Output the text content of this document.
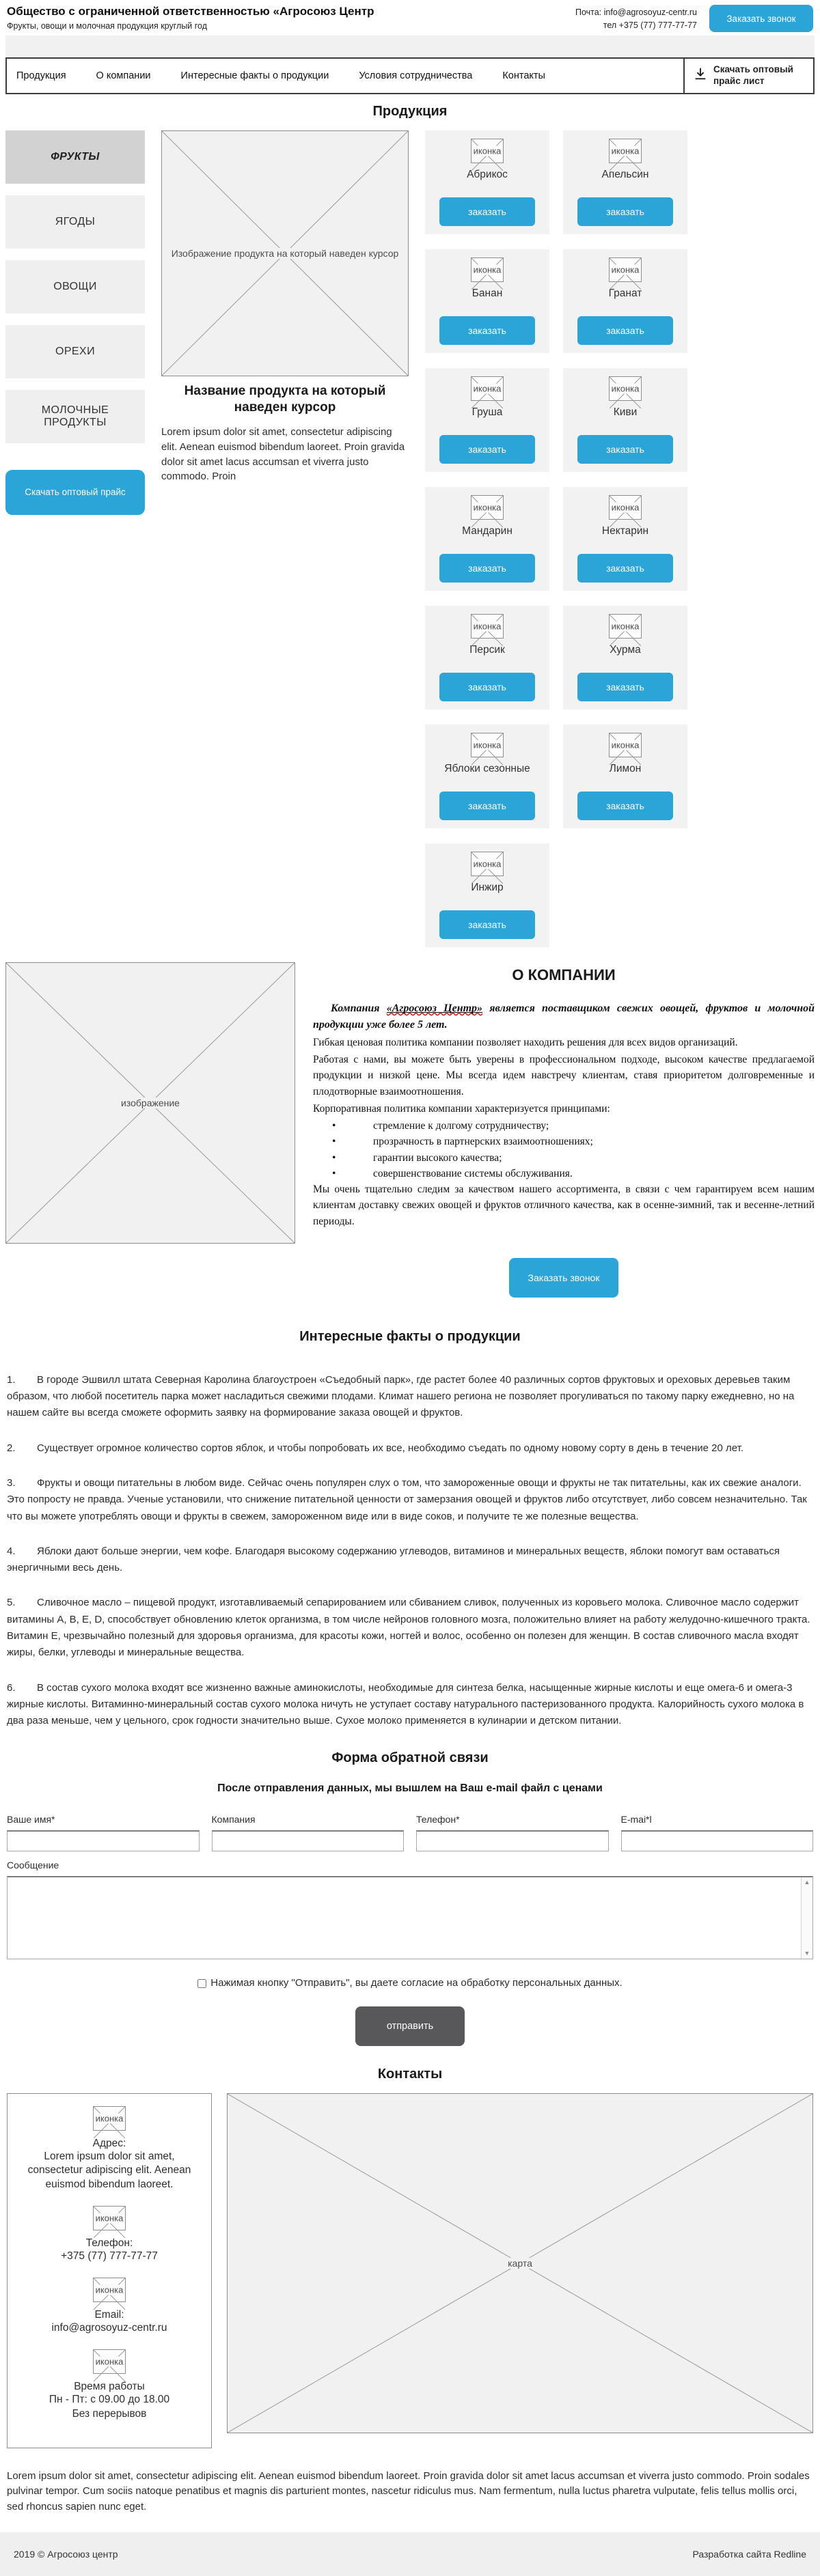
Общество с ограниченной ответственностью «Агросоюз Центр
Фрукты, овощи и молочная продукция круглый год
Почта: info@agrosoyuz-centr.ru
тел +375 (77) 777-77-77
Заказать звонок
Продукция	О компании	Интересные факты о продукции	Условия сотрудничества	Контакты
Скачать оптовый прайс лист
Продукция
ФРУКТЫ
ЯГОДЫ
ОВОЩИ
ОРЕХИ
МОЛОЧНЫЕ ПРОДУКТЫ
Скачать оптовый прайс
Изображение продукта на который наведен курсор
Название продукта на который наведен курсор
Lorem ipsum dolor sit amet, consectetur adipiscing elit. Aenean euismod bibendum laoreet. Proin gravida dolor sit amet lacus accumsan et viverra justo commodo. Proin
иконка
Абрикос
заказать
иконка
Апельсин
заказать
иконка
Банан
заказать
иконка
Гранат
заказать
иконка
Груша
заказать
иконка
Киви
заказать
иконка
Мандарин
заказать
иконка
Нектарин
заказать
иконка
Персик
заказать
иконка
Хурма
заказать
иконка
Яблоки сезонные
заказать
иконка
Лимон
заказать
иконка
Инжир
заказать
изображение
О КОМПАНИИ

Компания «Агросоюз Центр» является поставщиком свежих овощей, фруктов и молочной продукции уже более 5 лет.

Гибкая ценовая политика компании позволяет находить решения для всех видов организаций.

Работая с нами, вы можете быть уверены в профессиональном подходе, высоком качестве предлагаемой продукции и низкой цене. Мы всегда идем навстречу клиентам, ставя приоритетом долговременные и плодотворные взаимоотношения.

Корпоративная политика компании характеризуется принципами:

• стремление к долгому сотрудничеству;
• прозрачность в партнерских взаимоотношениях;
• гарантии высокого качества;
• совершенствование системы обслуживания.

Мы очень тщательно следим за качеством нашего ассортимента, в связи с чем гарантируем всем нашим клиентам доставку свежих овощей и фруктов отличного качества, как в осенне-зимний, так и весенне-летний периоды.

Заказать звонок
Интересные факты о продукции

1. В городе Эшвилл штата Северная Каролина благоустроен «Съедобный парк», где растет более 40 различных сортов фруктовых и ореховых деревьев таким образом, что любой посетитель парка может насладиться свежими плодами. Климат нашего региона не позволяет прогуливаться по такому парку ежедневно, но на нашем сайте вы всегда сможете оформить заявку на формирование заказа овощей и фруктов.

2. Существует огромное количество сортов яблок, и чтобы попробовать их все, необходимо съедать по одному новому сорту в день в течение 20 лет.

3. Фрукты и овощи питательны в любом виде. Сейчас очень популярен слух о том, что замороженные овощи и фрукты не так питательны, как их свежие аналоги. Это попросту не правда. Ученые установили, что снижение питательной ценности от замерзания овощей и фруктов либо отсутствует, либо совсем незначительно. Так что вы можете употреблять овощи и фрукты в свежем, замороженном виде или в виде соков, и получите те же полезные вещества.

4. Яблоки дают больше энергии, чем кофе. Благодаря высокому содержанию углеводов, витаминов и минеральных веществ, яблоки помогут вам оставаться энергичными весь день.

5. Сливочное масло – пищевой продукт, изготавливаемый сепарированием или сбиванием сливок, полученных из коровьего молока. Сливочное масло содержит витамины A, B, E, D, способствует обновлению клеток организма, в том числе нейронов головного мозга, положительно влияет на работу желудочно-кишечного тракта. Витамин E, чрезвычайно полезный для здоровья организма, для красоты кожи, ногтей и волос, особенно он полезен для женщин. В состав сливочного масла входят жиры, белки, углеводы и минеральные вещества.

6. В состав сухого молока входят все жизненно важные аминокислоты, необходимые для синтеза белка, насыщенные жирные кислоты и еще омега-6 и омега-3 жирные кислоты. Витаминно-минеральный состав сухого молока ничуть не уступает составу натурального пастеризованного продукта. Калорийность сухого молока в два раза меньше, чем у цельного, срок годности значительно выше. Сухое молоко применяется в кулинарии и детском питании.

Форма обратной связи
После отправления данных, мы вышлем на Ваш e-mail файл с ценами
Ваше имя*	Компания	Телефон*	E-mai*l
Сообщение
▲
▼
Нажимая кнопку "Отправить", вы даете согласие на обработку персональных данных.
отправить
Контакты
иконка
Адрес:
Lorem ipsum dolor sit amet, consectetur adipiscing elit. Aenean euismod bibendum laoreet.
иконка
Телефон:
+375 (77) 777-77-77
иконка
Email:
info@agrosoyuz-centr.ru
иконка
Время работы
Пн - Пт: с 09.00 до 18.00
Без перерывов
карта

Lorem ipsum dolor sit amet, consectetur adipiscing elit. Aenean euismod bibendum laoreet. Proin gravida dolor sit amet lacus accumsan et viverra justo commodo. Proin sodales pulvinar tempor. Cum sociis natoque penatibus et magnis dis parturient montes, nascetur ridiculus mus. Nam fermentum, nulla luctus pharetra vulputate, felis tellus mollis orci, sed rhoncus sapien nunc eget.

2019 © Агросоюз центр	Разработка сайта Redline
